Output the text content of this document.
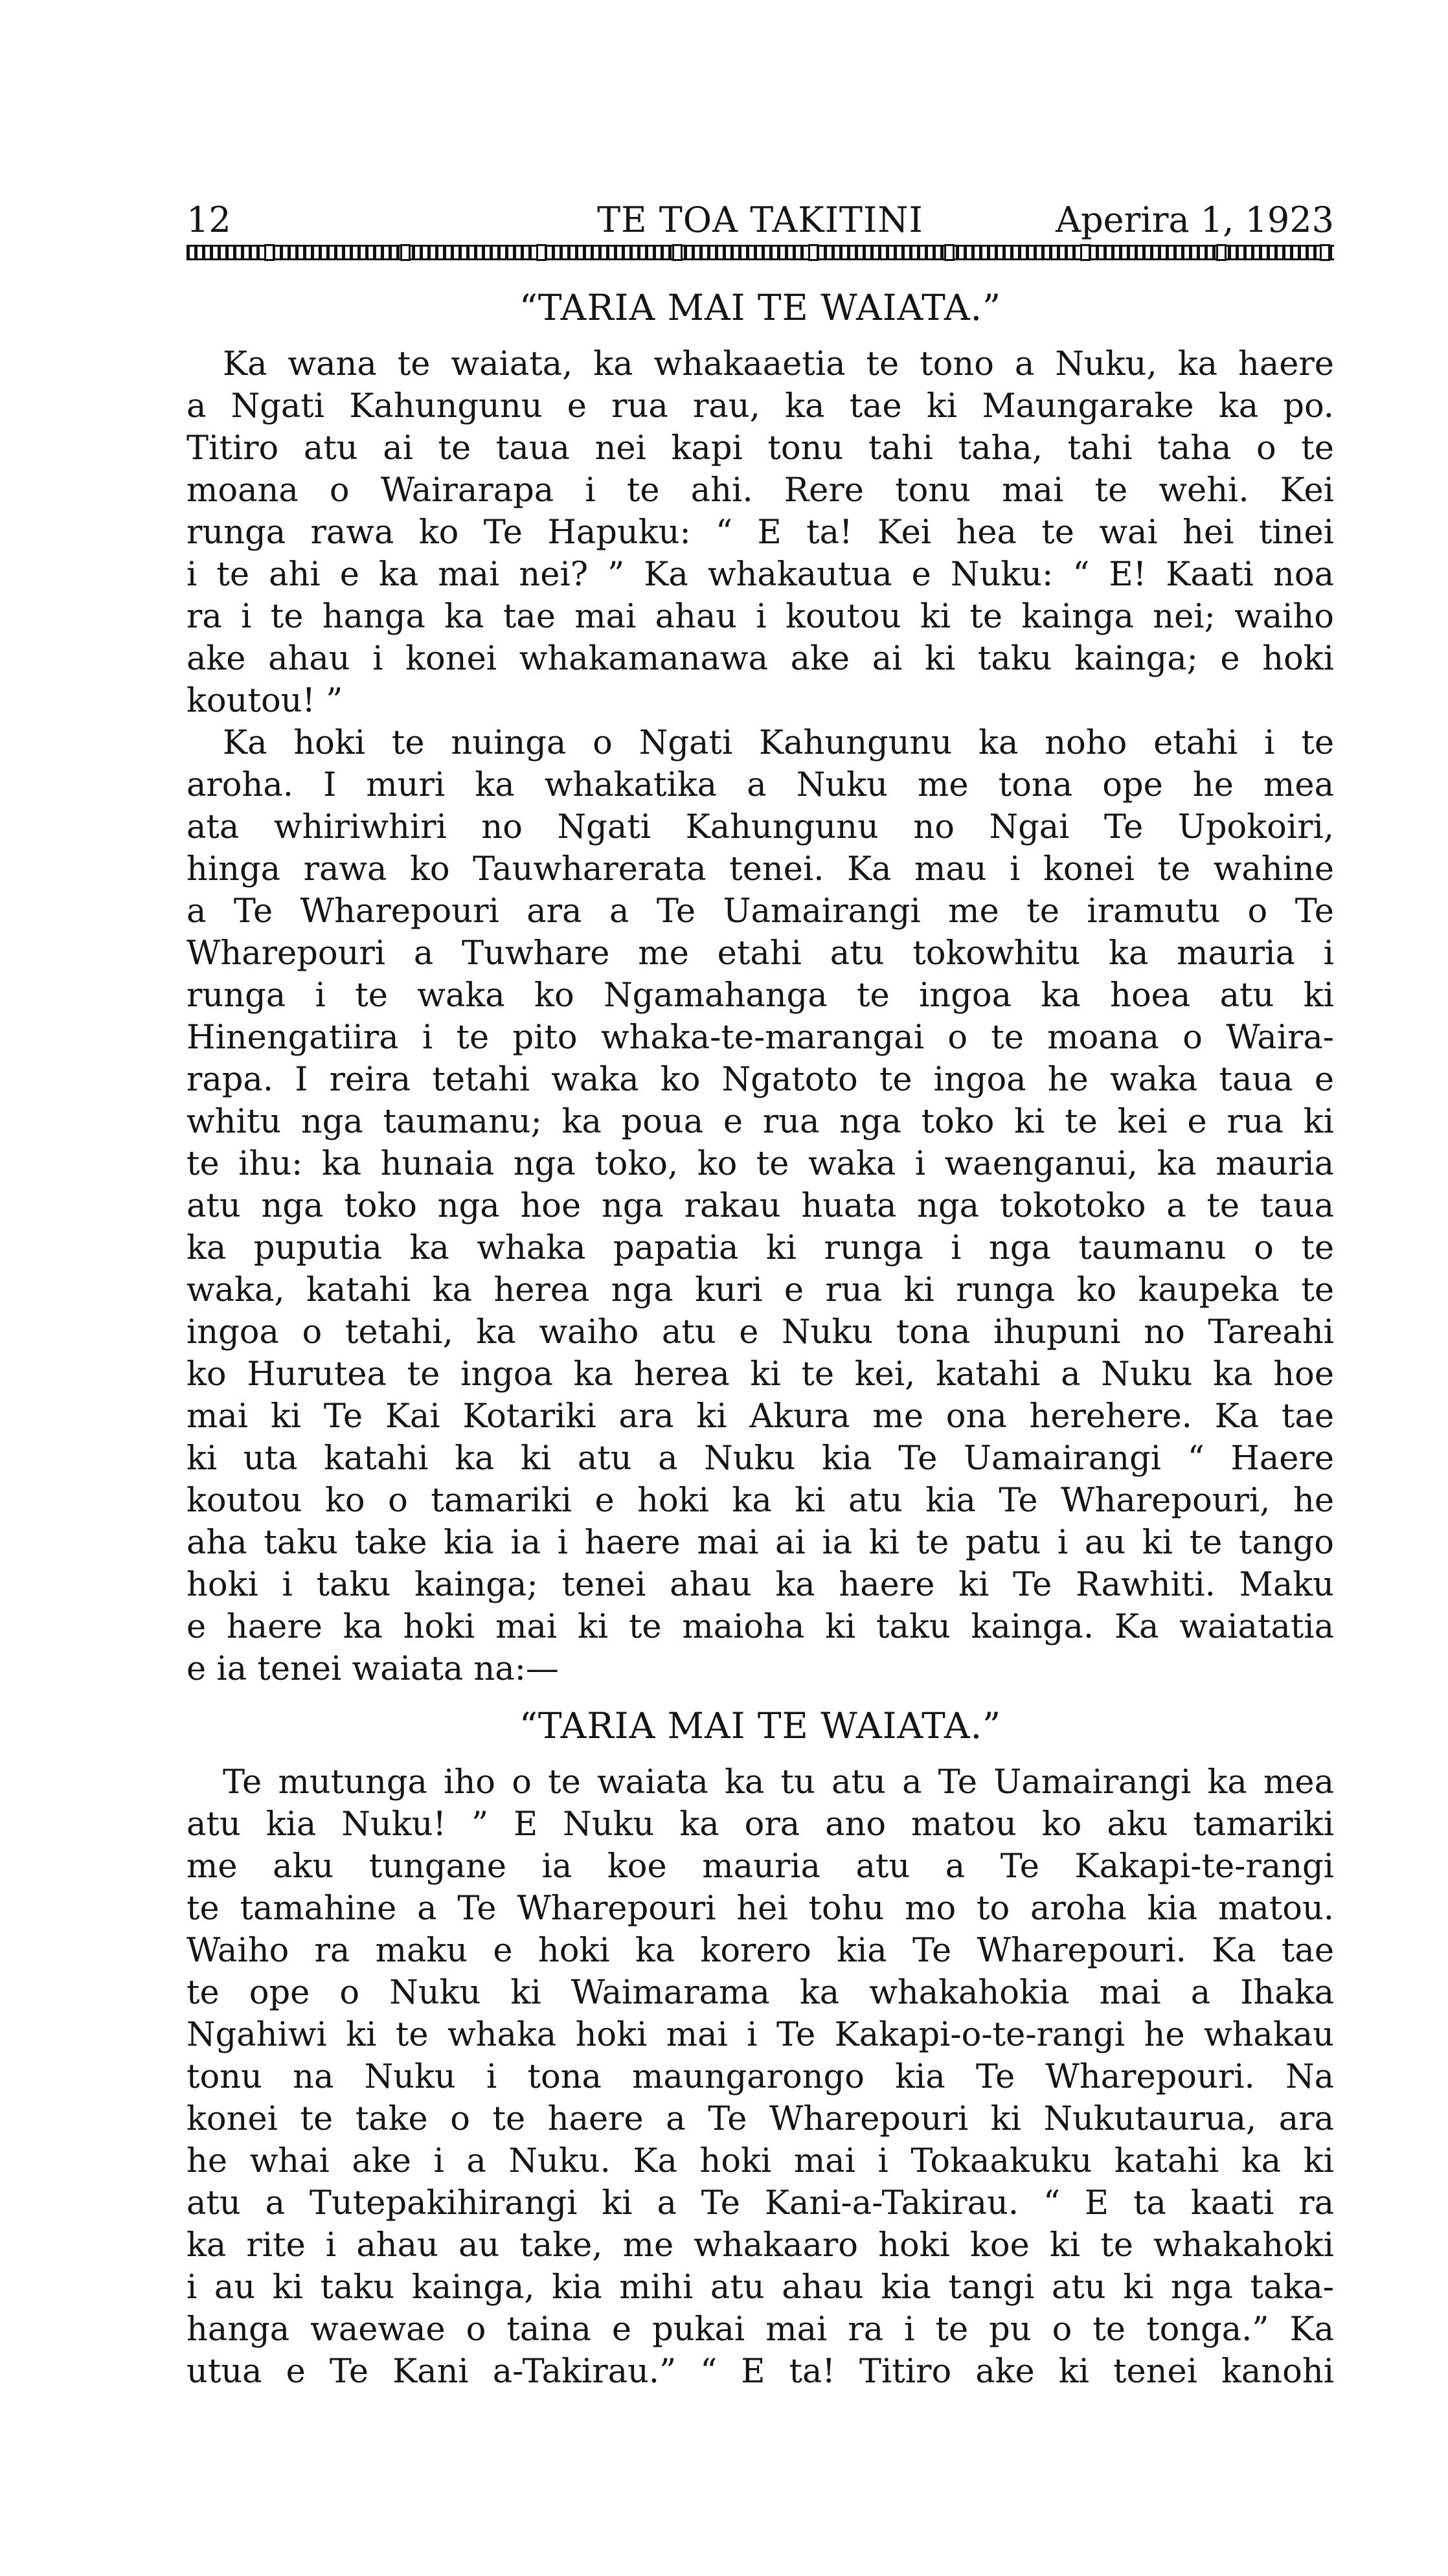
12	TE TOA TAKITINI	Aperira 1, 1923
“TARIA MAI TE WAIATA.”
Ka wana te waiata, ka whakaaetia te tono a Nuku, ka haere
a Ngati Kahungunu e rua rau, ka tae ki Maungarake ka po.
Titiro atu ai te taua nei kapi tonu tahi taha, tahi taha o te
moana o Wairarapa i te ahi. Rere tonu mai te wehi. Kei
runga rawa ko Te Hapuku: “ E ta! Kei hea te wai hei tinei
i te ahi e ka mai nei? ” Ka whakautua e Nuku: “ E! Kaati noa
ra i te hanga ka tae mai ahau i koutou ki te kainga nei; waiho
ake ahau i konei whakamanawa ake ai ki taku kainga; e hoki
koutou! ”
Ka hoki te nuinga o Ngati Kahungunu ka noho etahi i te
aroha. I muri ka whakatika a Nuku me tona ope he mea
ata whiriwhiri no Ngati Kahungunu no Ngai Te Upokoiri,
hinga rawa ko Tauwharerata tenei. Ka mau i konei te wahine
a Te Wharepouri ara a Te Uamairangi me te iramutu o Te
Wharepouri a Tuwhare me etahi atu tokowhitu ka mauria i
runga i te waka ko Ngamahanga te ingoa ka hoea atu ki
Hinengatiira i te pito whaka-te-marangai o te moana o Waira-
rapa. I reira tetahi waka ko Ngatoto te ingoa he waka taua e
whitu nga taumanu; ka poua e rua nga toko ki te kei e rua ki
te ihu: ka hunaia nga toko, ko te waka i waenganui, ka mauria
atu nga toko nga hoe nga rakau huata nga tokotoko a te taua
ka puputia ka whaka papatia ki runga i nga taumanu o te
waka, katahi ka herea nga kuri e rua ki runga ko kaupeka te
ingoa o tetahi, ka waiho atu e Nuku tona ihupuni no Tareahi
ko Hurutea te ingoa ka herea ki te kei, katahi a Nuku ka hoe
mai ki Te Kai Kotariki ara ki Akura me ona herehere. Ka tae
ki uta katahi ka ki atu a Nuku kia Te Uamairangi “ Haere
koutou ko o tamariki e hoki ka ki atu kia Te Wharepouri, he
aha taku take kia ia i haere mai ai ia ki te patu i au ki te tango
hoki i taku kainga; tenei ahau ka haere ki Te Rawhiti. Maku
e haere ka hoki mai ki te maioha ki taku kainga. Ka waiatatia
e ia tenei waiata na:—
“TARIA MAI TE WAIATA.”
Te mutunga iho o te waiata ka tu atu a Te Uamairangi ka mea
atu kia Nuku! ” E Nuku ka ora ano matou ko aku tamariki
me aku tungane ia koe mauria atu a Te Kakapi-te-rangi
te tamahine a Te Wharepouri hei tohu mo to aroha kia matou.
Waiho ra maku e hoki ka korero kia Te Wharepouri. Ka tae
te ope o Nuku ki Waimarama ka whakahokia mai a Ihaka
Ngahiwi ki te whaka hoki mai i Te Kakapi-o-te-rangi he whakau
tonu na Nuku i tona maungarongo kia Te Wharepouri. Na
konei te take o te haere a Te Wharepouri ki Nukutaurua, ara
he whai ake i a Nuku. Ka hoki mai i Tokaakuku katahi ka ki
atu a Tutepakihirangi ki a Te Kani-a-Takirau. “ E ta kaati ra
ka rite i ahau au take, me whakaaro hoki koe ki te whakahoki
i au ki taku kainga, kia mihi atu ahau kia tangi atu ki nga taka-
hanga waewae o taina e pukai mai ra i te pu o te tonga.” Ka
utua e Te Kani a-Takirau.” “ E ta! Titiro ake ki tenei kanohi
